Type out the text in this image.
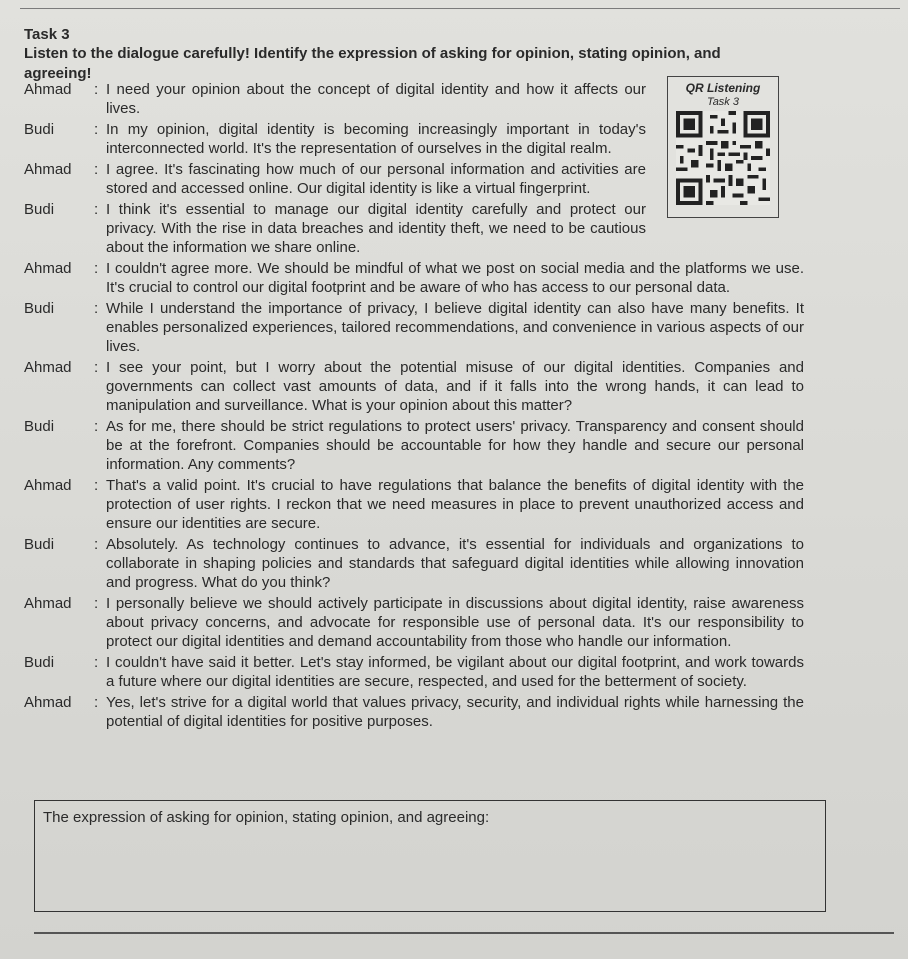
Task 3
Listen to the dialogue carefully! Identify the expression of asking for opinion, stating opinion, and agreeing!
Ahmad	: I need your opinion about the concept of digital identity and how it affects our lives.
Budi	: In my opinion, digital identity is becoming increasingly important in today's interconnected world. It's the representation of ourselves in the digital realm.
Ahmad	: I agree. It's fascinating how much of our personal information and activities are stored and accessed online. Our digital identity is like a virtual fingerprint.
Budi	: I think it's essential to manage our digital identity carefully and protect our privacy. With the rise in data breaches and identity theft, we need to be cautious about the information we share online.
Ahmad	: I couldn't agree more. We should be mindful of what we post on social media and the platforms we use. It's crucial to control our digital footprint and be aware of who has access to our personal data.
Budi	: While I understand the importance of privacy, I believe digital identity can also have many benefits. It enables personalized experiences, tailored recommendations, and convenience in various aspects of our lives.
Ahmad	: I see your point, but I worry about the potential misuse of our digital identities. Companies and governments can collect vast amounts of data, and if it falls into the wrong hands, it can lead to manipulation and surveillance. What is your opinion about this matter?
Budi	: As for me, there should be strict regulations to protect users' privacy. Transparency and consent should be at the forefront. Companies should be accountable for how they handle and secure our personal information. Any comments?
Ahmad	: That's a valid point. It's crucial to have regulations that balance the benefits of digital identity with the protection of user rights. I reckon that we need measures in place to prevent unauthorized access and ensure our identities are secure.
Budi	: Absolutely. As technology continues to advance, it's essential for individuals and organizations to collaborate in shaping policies and standards that safeguard digital identities while allowing innovation and progress. What do you think?
Ahmad	: I personally believe we should actively participate in discussions about digital identity, raise awareness about privacy concerns, and advocate for responsible use of personal data. It's our responsibility to protect our digital identities and demand accountability from those who handle our information.
Budi	: I couldn't have said it better. Let's stay informed, be vigilant about our digital footprint, and work towards a future where our digital identities are secure, respected, and used for the betterment of society.
Ahmad	: Yes, let's strive for a digital world that values privacy, security, and individual rights while harnessing the potential of digital identities for positive purposes.
QR Listening
Task 3
The expression of asking for opinion, stating opinion, and agreeing:
